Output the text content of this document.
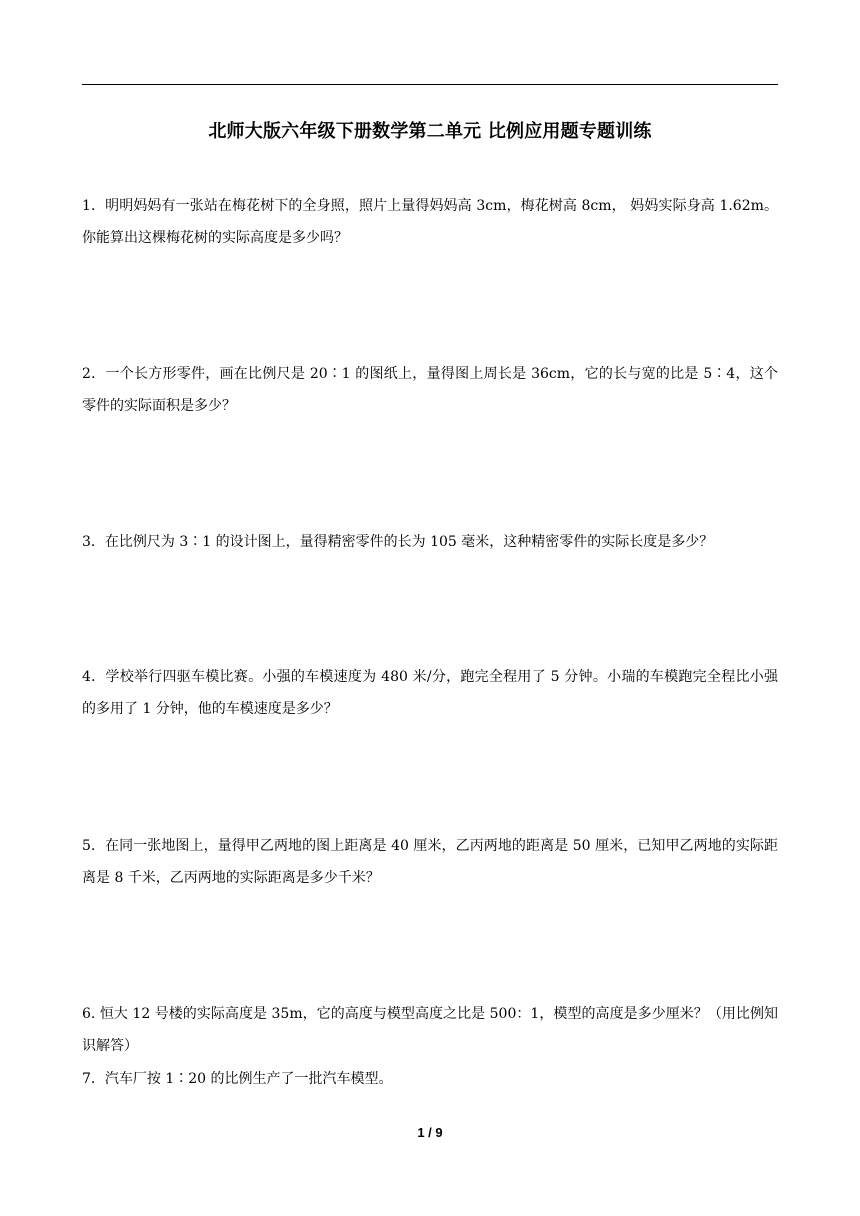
北师大版六年级下册数学第二单元 比例应用题专题训练
1．明明妈妈有一张站在梅花树下的全身照，照片上量得妈妈高 3cm，梅花树高 8cm， 妈妈实际身高 1.62m。你能算出这棵梅花树的实际高度是多少吗？
2．一个长方形零件，画在比例尺是 20∶1 的图纸上，量得图上周长是 36cm，它的长与宽的比是 5∶4，这个零件的实际面积是多少？
3．在比例尺为 3∶1 的设计图上，量得精密零件的长为 105 毫米，这种精密零件的实际长度是多少？
4．学校举行四驱车模比赛。小强的车模速度为 480 米/分，跑完全程用了 5 分钟。小瑞的车模跑完全程比小强的多用了 1 分钟，他的车模速度是多少？
5．在同一张地图上，量得甲乙两地的图上距离是 40 厘米，乙丙两地的距离是 50 厘米，已知甲乙两地的实际距离是 8 千米，乙丙两地的实际距离是多少千米？
6. 恒大 12 号楼的实际高度是 35m，它的高度与模型高度之比是 500：1，模型的高度是多少厘米？（用比例知识解答）
7．汽车厂按 1∶20 的比例生产了一批汽车模型。
1 / 9
